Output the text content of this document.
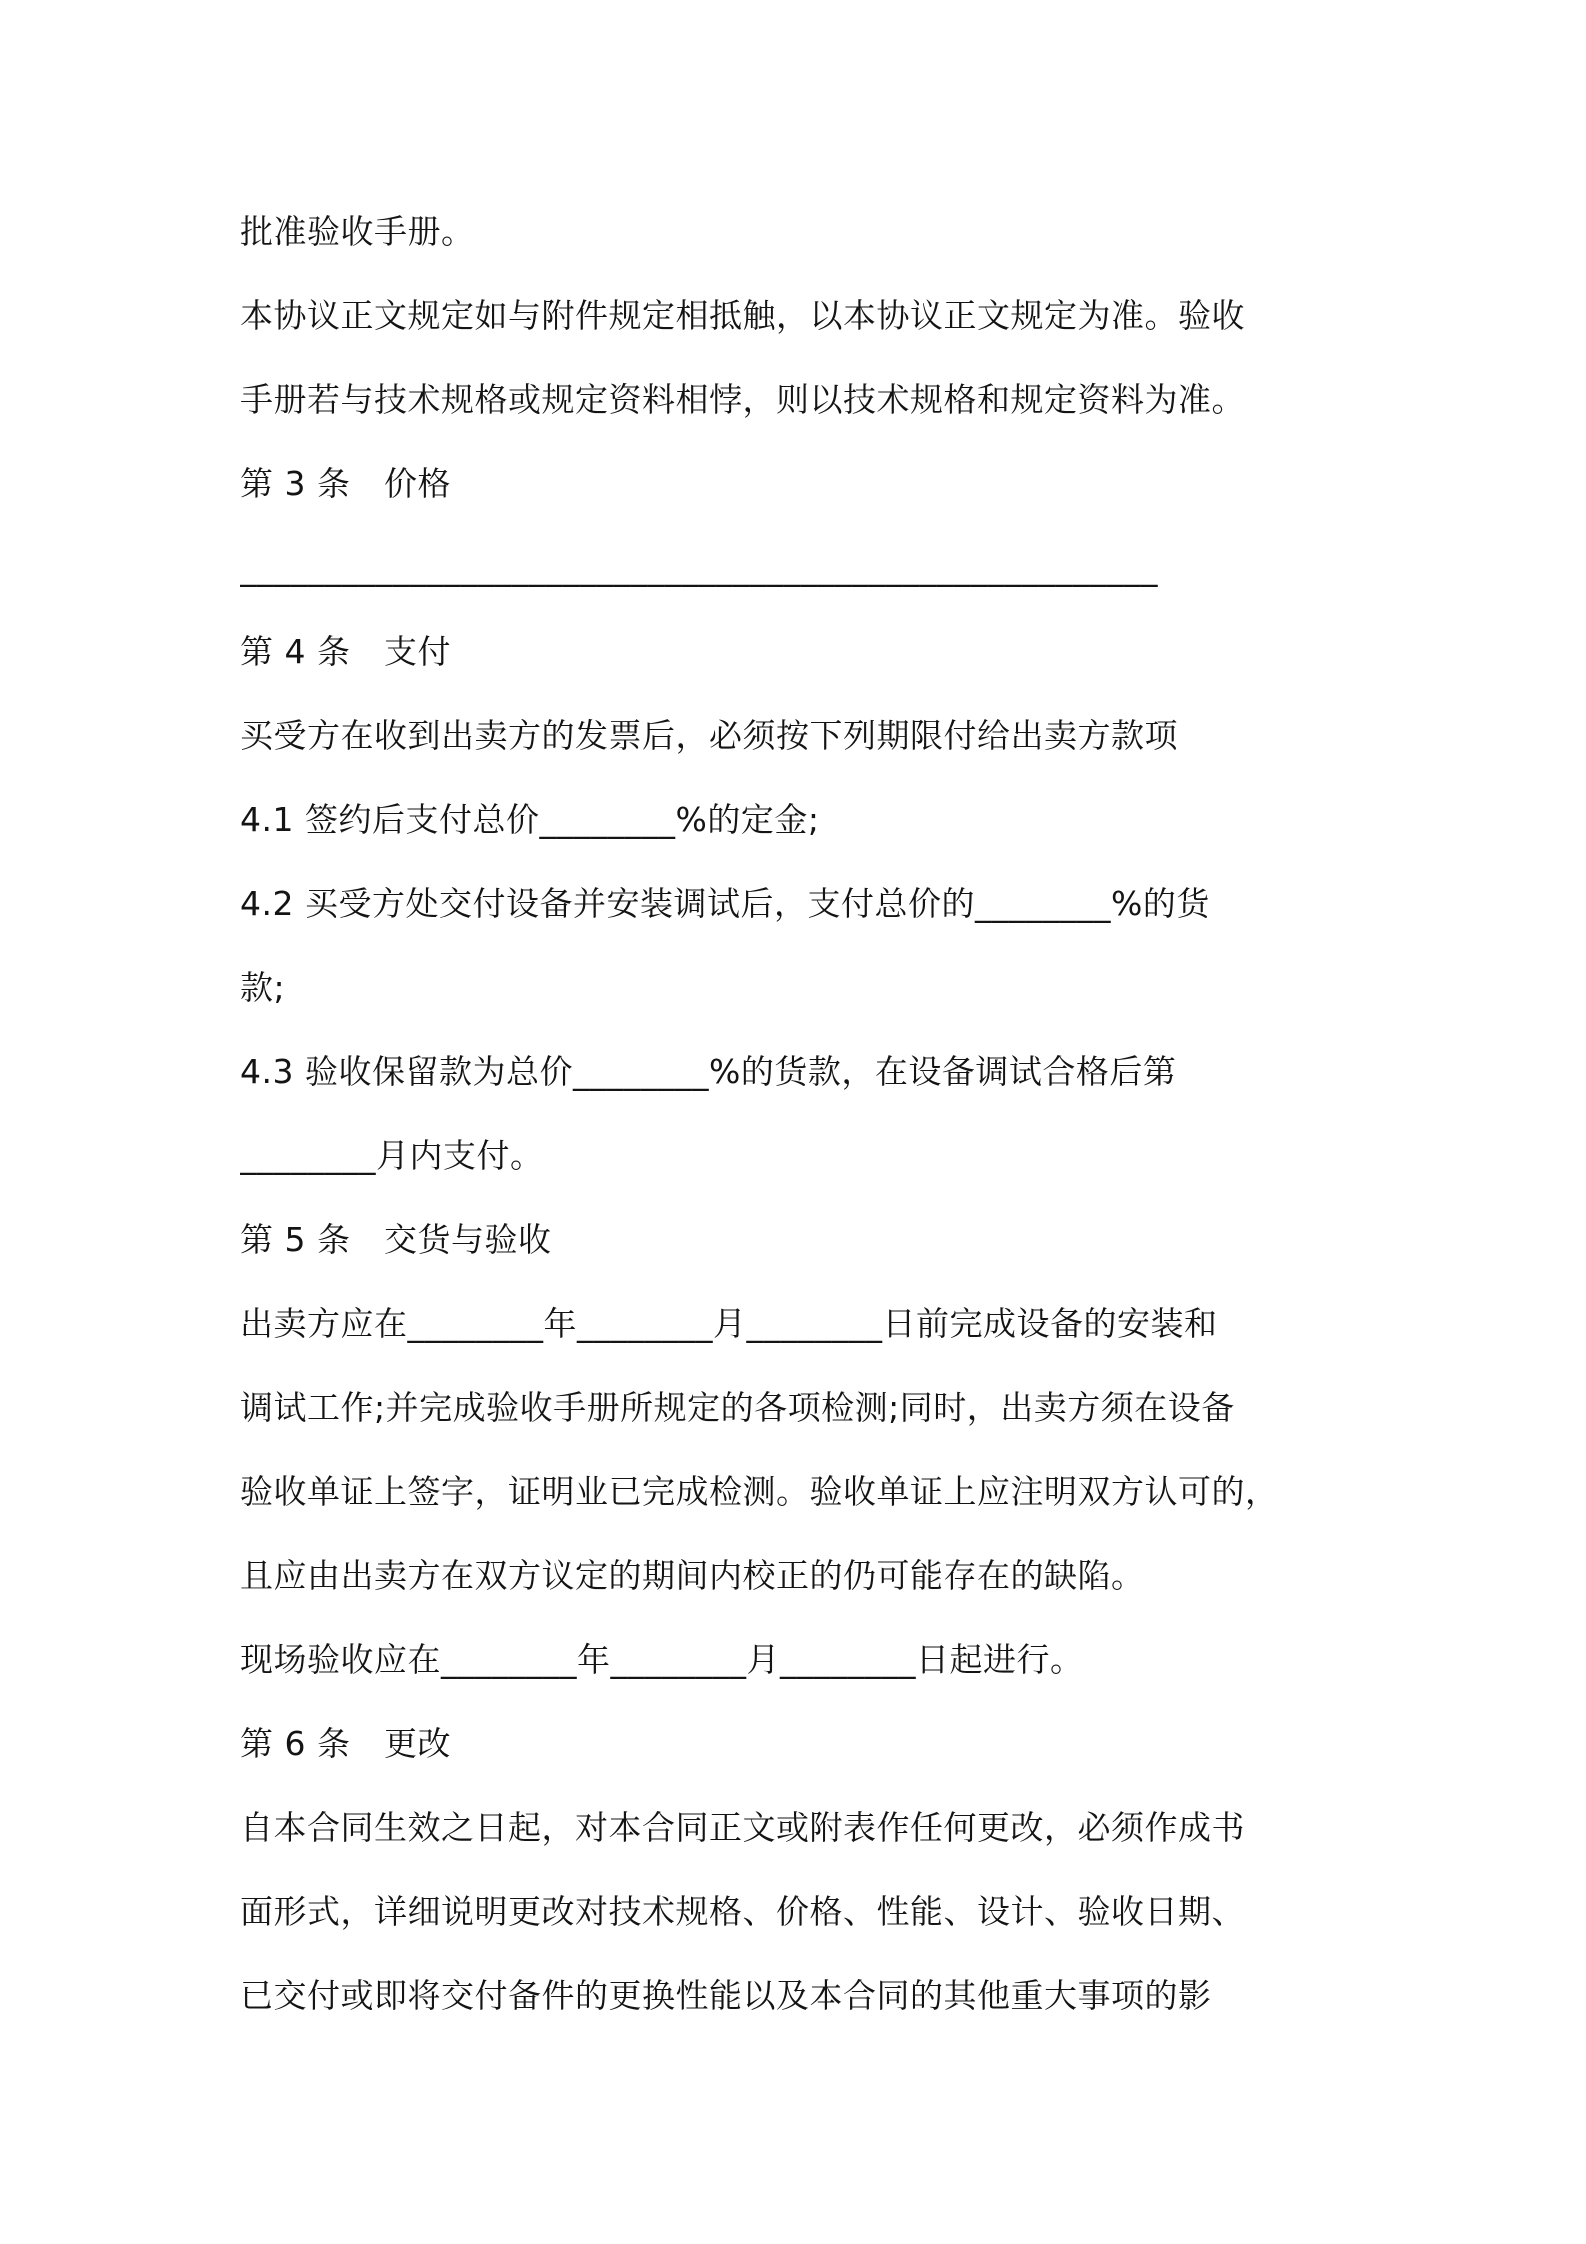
批准验收手册。
本协议正文规定如与附件规定相抵触，以本协议正文规定为准。验收
手册若与技术规格或规定资料相悖，则以技术规格和规定资料为准。
第 3 条　价格
______________________________________________________
第 4 条　支付
买受方在收到出卖方的发票后，必须按下列期限付给出卖方款项
4.1 签约后支付总价________%的定金;
4.2 买受方处交付设备并安装调试后，支付总价的________%的货
款;
4.3 验收保留款为总价________%的货款，在设备调试合格后第
________月内支付。
第 5 条　交货与验收
出卖方应在________年________月________日前完成设备的安装和
调试工作;并完成验收手册所规定的各项检测;同时，出卖方须在设备
验收单证上签字，证明业已完成检测。验收单证上应注明双方认可的，
且应由出卖方在双方议定的期间内校正的仍可能存在的缺陷。
现场验收应在________年________月________日起进行。
第 6 条　更改
自本合同生效之日起，对本合同正文或附表作任何更改，必须作成书
面形式，详细说明更改对技术规格、价格、性能、设计、验收日期、
已交付或即将交付备件的更换性能以及本合同的其他重大事项的影
